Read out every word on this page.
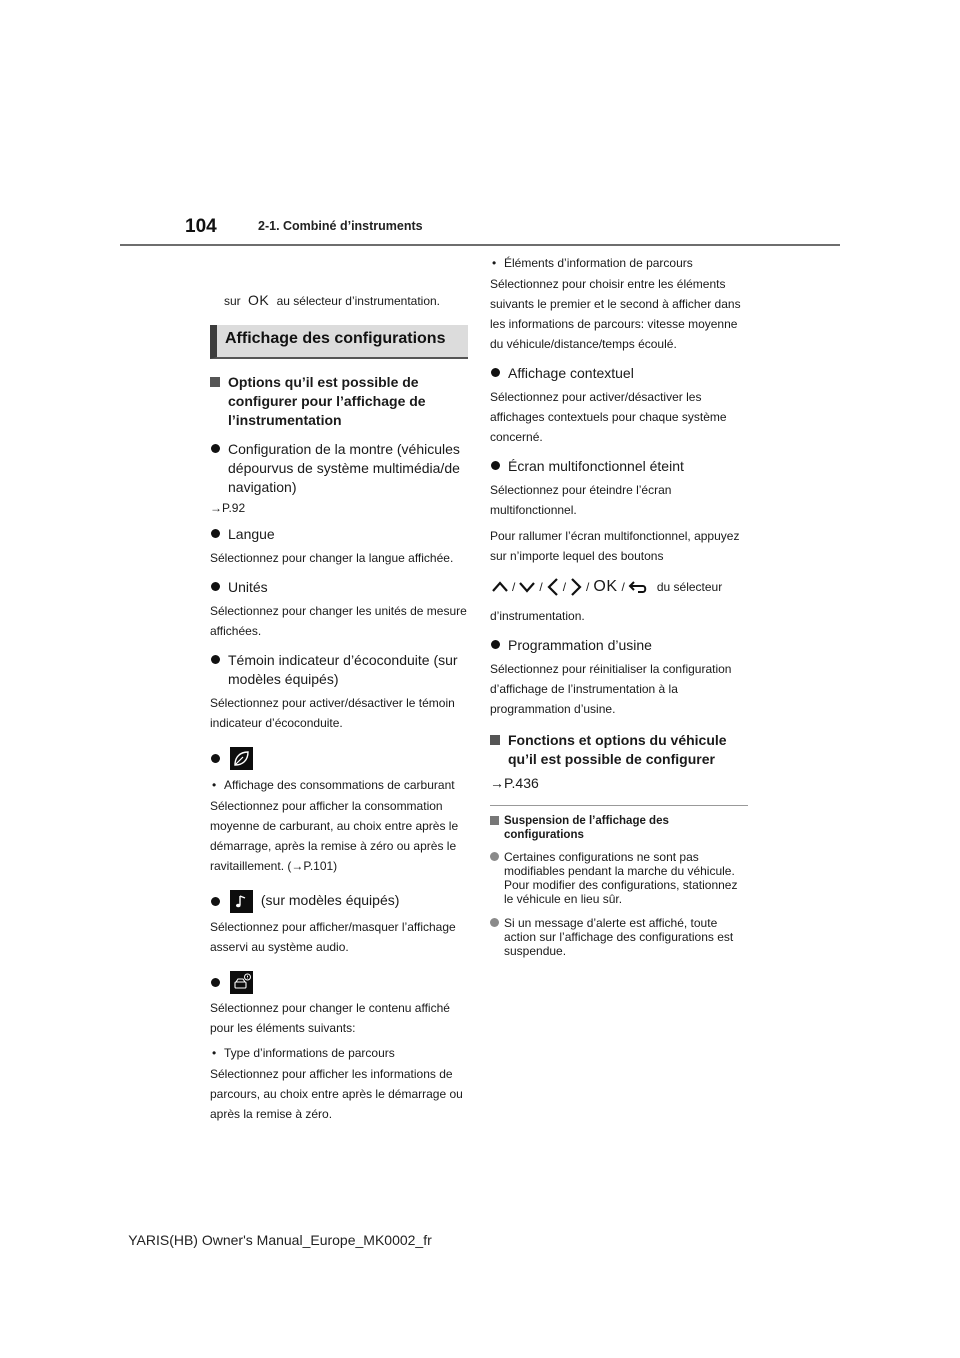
104	2-1. Combiné d’instruments

sur OK au sélecteur d’instrumentation.

Affichage des configurations
Options qu’il est possible de configurer pour l’affichage de l’instrumentation
Configuration de la montre (véhicules dépourvus de système multimédia/de navigation)
→P.92
Langue

Sélectionnez pour changer la langue affichée.

Unités

Sélectionnez pour changer les unités de mesure affichées.

Témoin indicateur d’écoconduite (sur modèles équipés)

Sélectionnez pour activer/désactiver le témoin indicateur d’écoconduite.

• Affichage des consommations de carburant

Sélectionnez pour afficher la consommation moyenne de carburant, au choix entre après le démarrage, après la remise à zéro ou après le ravitaillement. (→P.101)

(sur modèles équipés)

Sélectionnez pour afficher/masquer l’affichage asservi au système audio.

Sélectionnez pour changer le contenu affiché pour les éléments suivants:

• Type d’informations de parcours

Sélectionnez pour afficher les informations de parcours, au choix entre après le démarrage ou après la remise à zéro.

• Éléments d’information de parcours

Sélectionnez pour choisir entre les éléments suivants le premier et le second à afficher dans les informations de parcours: vitesse moyenne du véhicule/distance/temps écoulé.

Affichage contextuel

Sélectionnez pour activer/désactiver les affichages contextuels pour chaque système concerné.

Écran multifonctionnel éteint

Sélectionnez pour éteindre l’écran multifonctionnel.

Pour rallumer l’écran multifonctionnel, appuyez sur n’importe lequel des boutons

/ / / / OK /	du sélecteur

d’instrumentation.

Programmation d’usine

Sélectionnez pour réinitialiser la configuration d’affichage de l’instrumentation à la programmation d’usine.

Fonctions et options du véhicule qu’il est possible de configurer
→P.436
Suspension de l’affichage des configurations
Certaines configurations ne sont pas modifiables pendant la marche du véhicule. Pour modifier des configurations, stationnez le véhicule en lieu sûr.
Si un message d’alerte est affiché, toute action sur l’affichage des configurations est suspendue.
YARIS(HB) Owner's Manual_Europe_MK0002_fr
